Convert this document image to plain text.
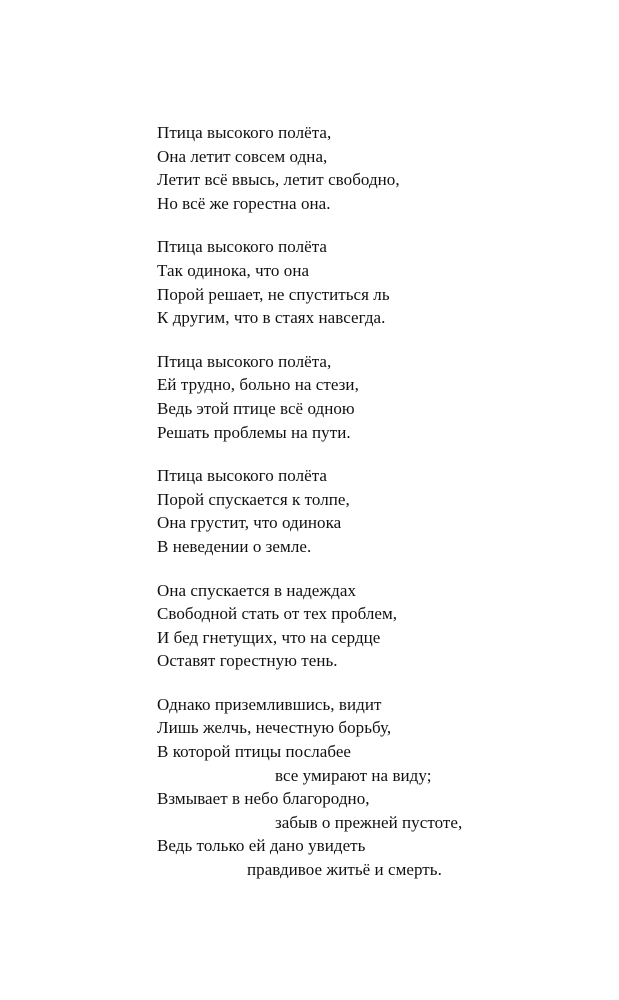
Птица высокого полёта,
Она летит совсем одна,
Летит всё ввысь, летит свободно,
Но всё же горестна она.
Птица высокого полёта
Так одинока, что она
Порой решает, не спуститься ль
К другим, что в стаях навсегда.
Птица высокого полёта,
Ей трудно, больно на стези,
Ведь этой птице всё одною
Решать проблемы на пути.
Птица высокого полёта
Порой спускается к толпе,
Она грустит, что одинока
В неведении о земле.
Она спускается в надеждах
Свободной стать от тех проблем,
И бед гнетущих, что на сердце
Оставят горестную тень.
Однако приземлившись, видит
Лишь желчь, нечестную борьбу,
В которой птицы послабее
все умирают на виду;
Взмывает в небо благородно,
забыв о прежней пустоте,
Ведь только ей дано увидеть
правдивое житьё и смерть.
